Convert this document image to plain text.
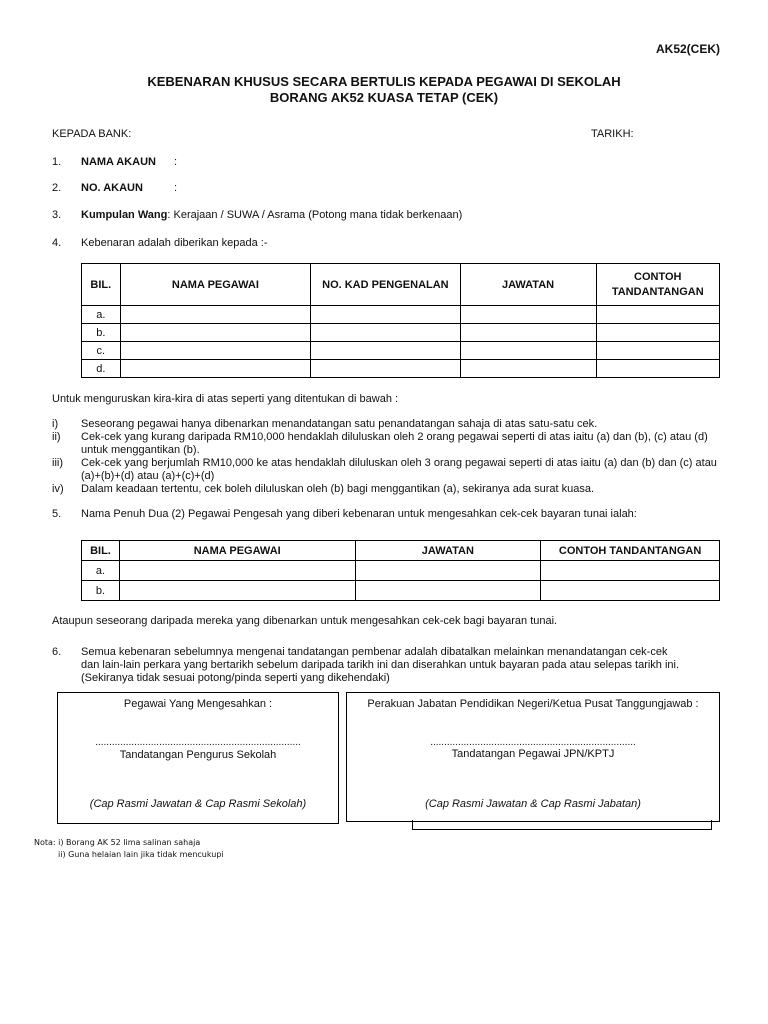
AK52(CEK)
KEBENARAN KHUSUS SECARA BERTULIS KEPADA PEGAWAI DI SEKOLAH
BORANG AK52 KUASA TETAP (CEK)
KEPADA BANK:	TARIKH:
1. NAMA AKAUN :
2. NO. AKAUN	:
3. Kumpulan Wang: Kerajaan / SUWA / Asrama (Potong mana tidak berkenaan)
4. Kebenaran adalah diberikan kepada :-
BIL.	NAMA PEGAWAI	NO. KAD PENGENALAN	JAWATAN	CONTOH TANDANTANGAN
a.				
b.				
c.				
d.				
Untuk menguruskan kira-kira di atas seperti yang ditentukan di bawah :
i)	Seseorang pegawai hanya dibenarkan menandatangan satu penandatangan sahaja di atas satu-satu cek.
ii)	Cek-cek yang kurang daripada RM10,000 hendaklah diluluskan oleh 2 orang pegawai seperti di atas iaitu (a) dan (b), (c) atau (d) untuk menggantikan (b).
iii)	Cek-cek yang berjumlah RM10,000 ke atas hendaklah diluluskan oleh 3 orang pegawai seperti di atas iaitu (a) dan (b) dan (c) atau (a)+(b)+(d) atau (a)+(c)+(d)
iv)	Dalam keadaan tertentu, cek boleh diluluskan oleh (b) bagi menggantikan (a), sekiranya ada surat kuasa.
5. Nama Penuh Dua (2) Pegawai Pengesah yang diberi kebenaran untuk mengesahkan cek-cek bayaran tunai ialah:
BIL.	NAMA PEGAWAI	JAWATAN	CONTOH TANDANTANGAN
a.			
b.			
Ataupun seseorang daripada mereka yang dibenarkan untuk mengesahkan cek-cek bagi bayaran tunai.
6. Semua kebenaran sebelumnya mengenai tandatangan pembenar adalah dibatalkan melainkan menandatangan cek-cek
dan lain-lain perkara yang bertarikh sebelum daripada tarikh ini dan diserahkan untuk bayaran pada atau selepas tarikh ini.
(Sekiranya tidak sesuai potong/pinda seperti yang dikehendaki)
Pegawai Yang Mengesahkan :
..........................................................................
Tandatangan Pengurus Sekolah
(Cap Rasmi Jawatan & Cap Rasmi Sekolah)
Perakuan Jabatan Pendidikan Negeri/Ketua Pusat Tanggungjawab :
..........................................................................
Tandatangan Pegawai JPN/KPTJ
(Cap Rasmi Jawatan & Cap Rasmi Jabatan)
Nota: i) Borang AK 52 lima salinan sahaja
ii) Guna helaian lain jika tidak mencukupi
